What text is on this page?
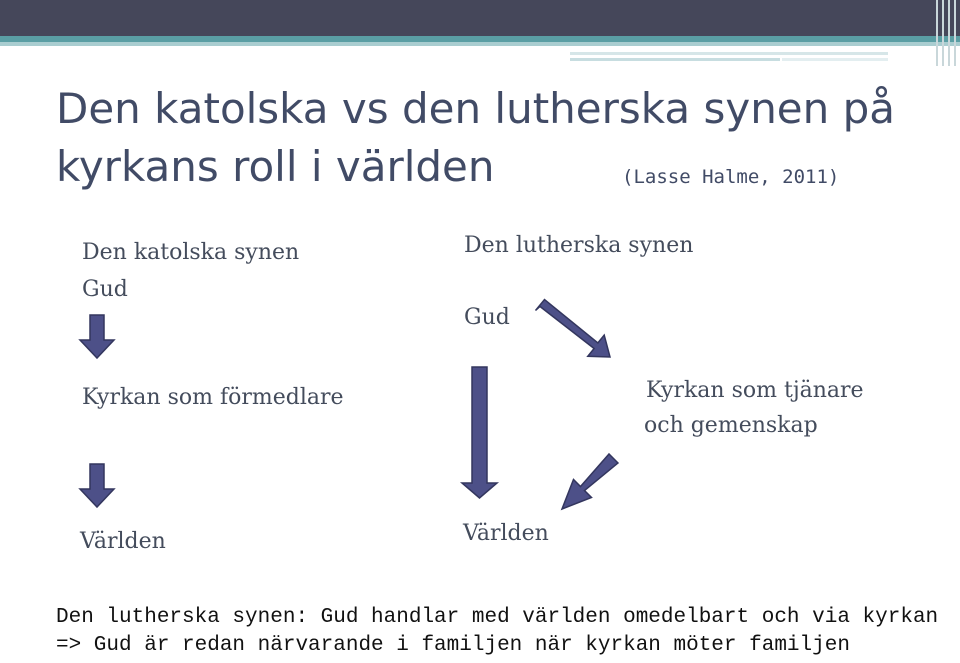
Den katolska vs den lutherska synen på
kyrkans roll i världen	(Lasse Halme, 2011)
Den katolska synen
Gud
Kyrkan som förmedlare
Världen
Den lutherska synen
Gud
Kyrkan som tjänare
och gemenskap
Världen
Den lutherska synen: Gud handlar med världen omedelbart och via kyrkan
=> Gud är redan närvarande i familjen när kyrkan möter familjen
